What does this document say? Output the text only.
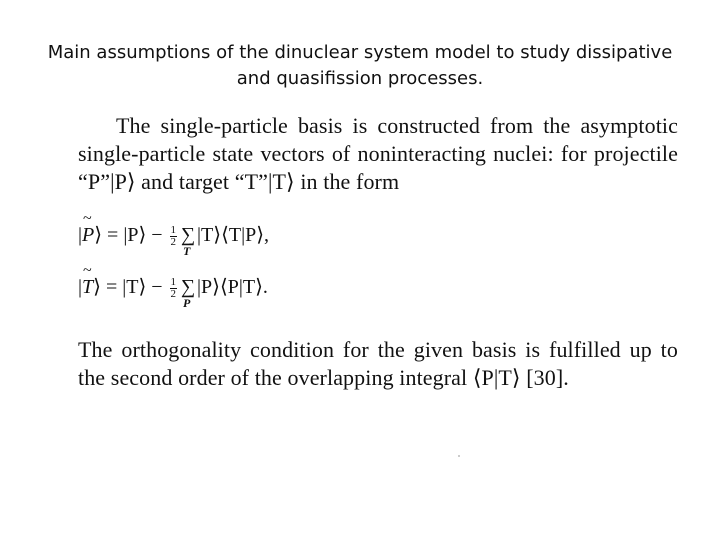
Main assumptions of the dinuclear system model to study dissipative and quasifission processes.
The single-particle basis is constructed from the asymptotic single-particle state vectors of noninteracting nuclei: for projectile “P”|P⟩ and target “T”|T⟩ in the form
|
~
P⟩ = |P⟩ − $\frac{1}{2}$ ∑
T
|T⟩⟨T|P⟩,
|
~
T⟩ = |T⟩ − $\frac{1}{2}$ ∑
P
|P⟩⟨P|T⟩.
The orthogonality condition for the given basis is fulfilled up to the second order of the overlapping integral ⟨P|T⟩ [30].
